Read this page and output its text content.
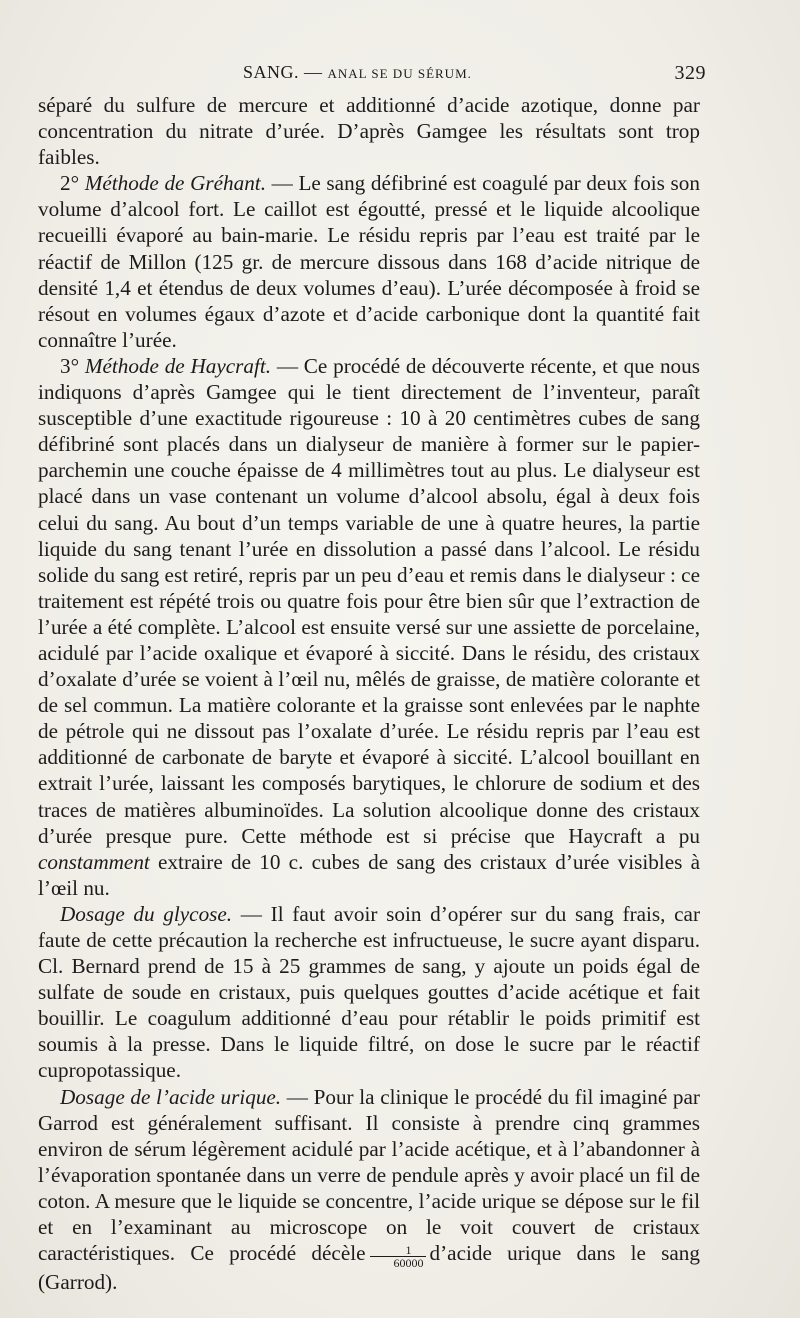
SANG. — ANAL SE DU SÉRUM.	329

séparé du sulfure de mercure et additionné d’acide azotique, donne par concentration du nitrate d’urée. D’après Gamgee les résultats sont trop faibles.

2° Méthode de Gréhant. — Le sang défibriné est coagulé par deux fois son volume d’alcool fort. Le caillot est égoutté, pressé et le liquide alcoolique recueilli évaporé au bain-marie. Le résidu repris par l’eau est traité par le réactif de Millon (125 gr. de mercure dissous dans 168 d’acide nitrique de densité 1,4 et étendus de deux volumes d’eau). L’urée décomposée à froid se résout en volumes égaux d’azote et d’acide carbonique dont la quantité fait connaître l’urée.

3° Méthode de Haycraft. — Ce procédé de découverte récente, et que nous indiquons d’après Gamgee qui le tient directement de l’inventeur, paraît susceptible d’une exactitude rigoureuse : 10 à 20 centimètres cubes de sang défibriné sont placés dans un dialyseur de manière à former sur le papier-parchemin une couche épaisse de 4 millimètres tout au plus. Le dialyseur est placé dans un vase contenant un volume d’alcool absolu, égal à deux fois celui du sang. Au bout d’un temps variable de une à quatre heures, la partie liquide du sang tenant l’urée en dissolution a passé dans l’alcool. Le résidu solide du sang est retiré, repris par un peu d’eau et remis dans le dialyseur : ce traitement est répété trois ou quatre fois pour être bien sûr que l’extraction de l’urée a été complète. L’alcool est ensuite versé sur une assiette de porcelaine, acidulé par l’acide oxalique et évaporé à siccité. Dans le résidu, des cristaux d’oxalate d’urée se voient à l’œil nu, mêlés de graisse, de matière colorante et de sel commun. La matière colorante et la graisse sont enlevées par le naphte de pétrole qui ne dissout pas l’oxalate d’urée. Le résidu repris par l’eau est additionné de carbonate de baryte et évaporé à siccité. L’alcool bouillant en extrait l’urée, laissant les composés barytiques, le chlorure de sodium et des traces de matières albuminoïdes. La solution alcoolique donne des cristaux d’urée presque pure. Cette méthode est si précise que Haycraft a pu constamment extraire de 10 c. cubes de sang des cristaux d’urée visibles à l’œil nu.

Dosage du glycose. — Il faut avoir soin d’opérer sur du sang frais, car faute de cette précaution la recherche est infructueuse, le sucre ayant disparu. Cl. Bernard prend de 15 à 25 grammes de sang, y ajoute un poids égal de sulfate de soude en cristaux, puis quelques gouttes d’acide acétique et fait bouillir. Le coagulum additionné d’eau pour rétablir le poids primitif est soumis à la presse. Dans le liquide filtré, on dose le sucre par le réactif cupropotassique.

Dosage de l’acide urique. — Pour la clinique le procédé du fil imaginé par Garrod est généralement suffisant. Il consiste à prendre cinq grammes environ de sérum légèrement acidulé par l’acide acétique, et à l’abandonner à l’évaporation spontanée dans un verre de pendule après y avoir placé un fil de coton. A mesure que le liquide se concentre, l’acide urique se dépose sur le fil et en l’examinant au microscope on le voit couvert de cristaux caractéristiques. Ce procédé décèle $\frac{1}{60000}$ d’acide urique dans le sang (Garrod).
